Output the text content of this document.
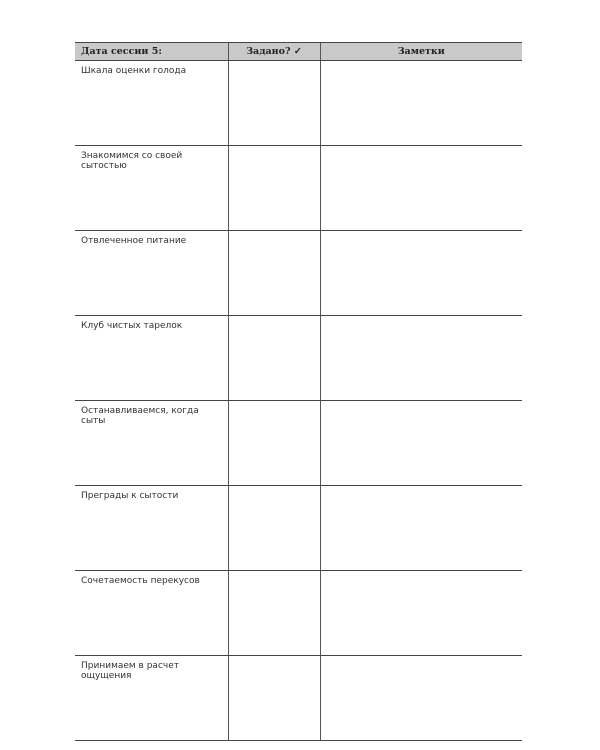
Дата сессии 5:	Задано? ✓	Заметки
Шкала оценки голода		
Знакомимся со своей сытостью		
Отвлеченное питание		
Клуб чистых тарелок		
Останавливаемся, когда сыты		
Преграды к сытости		
Сочетаемость перекусов		
Принимаем в расчет ощущения		
